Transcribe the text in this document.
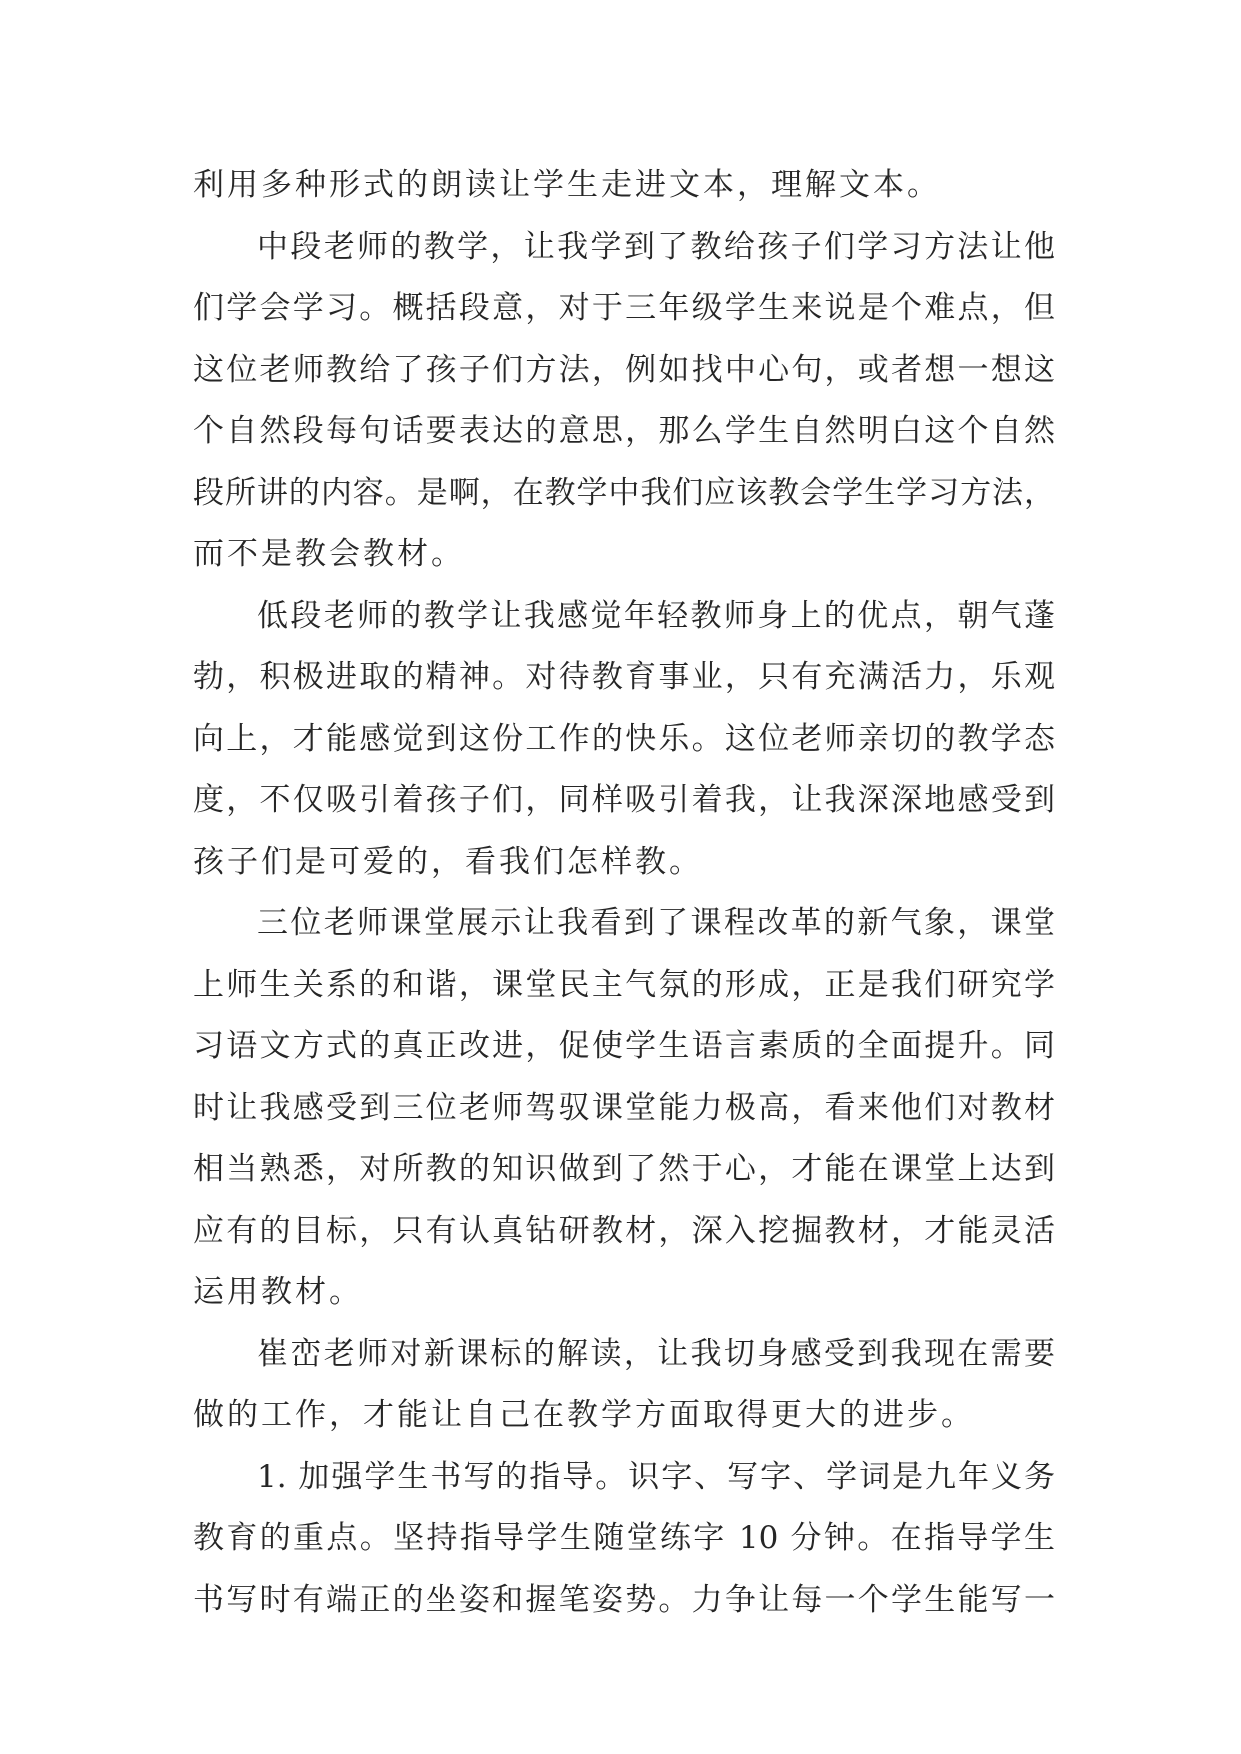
利用多种形式的朗读让学生走进文本，理解文本。
中段老师的教学，让我学到了教给孩子们学习方法让他
们学会学习。概括段意，对于三年级学生来说是个难点，但
这位老师教给了孩子们方法，例如找中心句，或者想一想这
个自然段每句话要表达的意思，那么学生自然明白这个自然
段所讲的内容。是啊，在教学中我们应该教会学生学习方法，
而不是教会教材。
低段老师的教学让我感觉年轻教师身上的优点，朝气蓬
勃，积极进取的精神。对待教育事业，只有充满活力，乐观
向上，才能感觉到这份工作的快乐。这位老师亲切的教学态
度，不仅吸引着孩子们，同样吸引着我，让我深深地感受到
孩子们是可爱的，看我们怎样教。
三位老师课堂展示让我看到了课程改革的新气象，课堂
上师生关系的和谐，课堂民主气氛的形成，正是我们研究学
习语文方式的真正改进，促使学生语言素质的全面提升。同
时让我感受到三位老师驾驭课堂能力极高，看来他们对教材
相当熟悉，对所教的知识做到了然于心，才能在课堂上达到
应有的目标，只有认真钻研教材，深入挖掘教材，才能灵活
运用教材。
崔峦老师对新课标的解读，让我切身感受到我现在需要
做的工作，才能让自己在教学方面取得更大的进步。
1. 加强学生书写的指导。识字、写字、学词是九年义务
教育的重点。坚持指导学生随堂练字 10 分钟。在指导学生
书写时有端正的坐姿和握笔姿势。力争让每一个学生能写一
